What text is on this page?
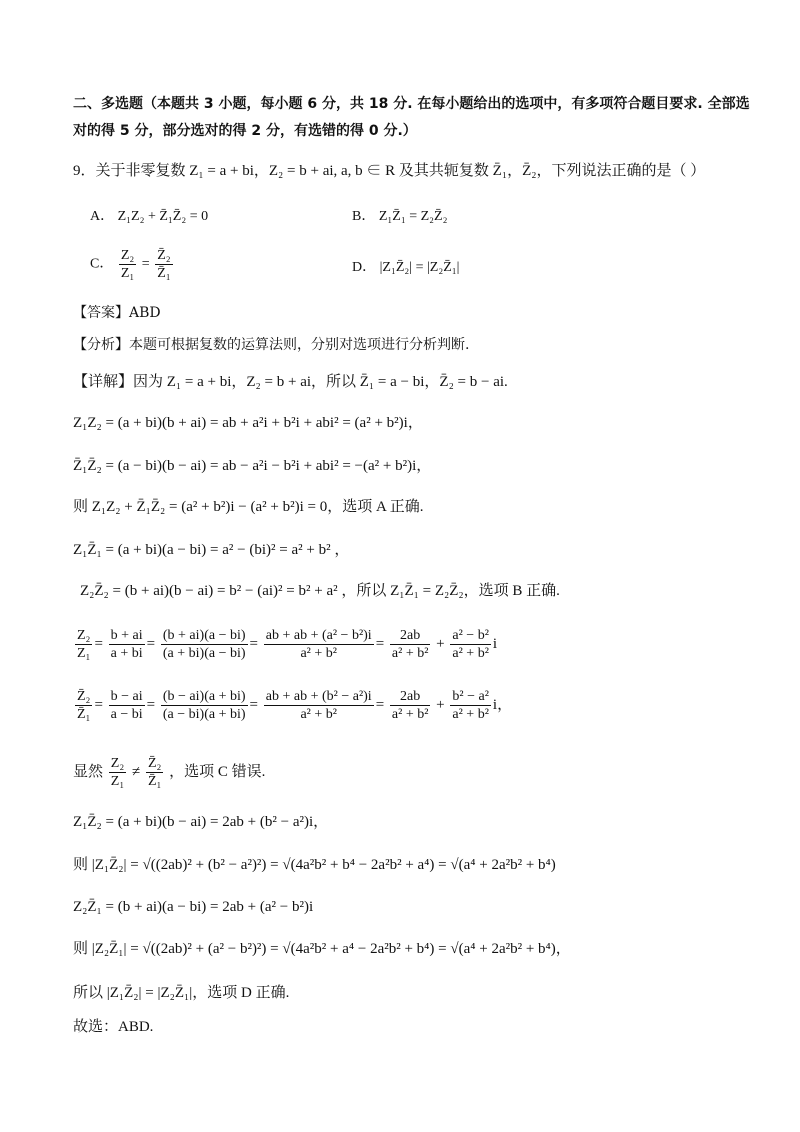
二、多选题（本题共 3 小题，每小题 6 分，共 18 分. 在每小题给出的选项中，有多项符合题目要求. 全部选
对的得 5 分，部分选对的得 2 分，有选错的得 0 分.）
9．关于非零复数 Z₁ = a + bi，Z₂ = b + ai, a, b ∈ R 及其共轭复数 Z̄₁，Z̄₂，下列说法正确的是（ ）
A． Z₁Z₂ + Z̄₁Z̄₂ = 0	B． Z₁Z̄₁ = Z₂Z̄₂
C． $\frac{\text{Z₂}}{\text{Z₁}} = \frac{\text{Z̄₂}}{\text{Z̄₁}}$	D． |Z₁Z̄₂| = |Z₂Z̄₁|
【答案】ABD
【分析】本题可根据复数的运算法则，分别对选项进行分析判断.
【详解】因为 Z₁ = a + bi，Z₂ = b + ai，所以 Z̄₁ = a − bi，Z̄₂ = b − ai.
Z₁Z₂ = (a + bi)(b + ai) = ab + a²i + b²i + abi² = (a² + b²)i，
Z̄₁Z̄₂ = (a − bi)(b − ai) = ab − a²i − b²i + abi² = −(a² + b²)i，
则 Z₁Z₂ + Z̄₁Z̄₂ = (a² + b²)i − (a² + b²)i = 0，选项 A 正确.
Z₁Z̄₁ = (a + bi)(a − bi) = a² − (bi)² = a² + b² ，
Z₂Z̄₂ = (b + ai)(b − ai) = b² − (ai)² = b² + a² ，所以 Z₁Z̄₁ = Z₂Z̄₂，选项 B 正确.
$\frac{\text{Z₂}}{\text{Z₁}} = \frac{b + ai}{a + bi} = \frac{(b + ai)(a - bi)}{(a + bi)(a - bi)} = \frac{\text{ab + ab + (a² − b²)i}}{\text{a² + b²}} = \frac{2ab}{\text{a² + b²}} + \frac{\text{a² − b²}}{\text{a² + b²}}$ i
$\frac{\text{Z̄₂}}{\text{Z̄₁}} = \frac{b - ai}{a - bi} = \frac{(b - ai)(a + bi)}{(a - bi)(a + bi)} = \frac{\text{ab + ab + (b² − a²)i}}{\text{a² + b²}} = \frac{2ab}{\text{a² + b²}} + \frac{\text{b² − a²}}{\text{a² + b²}}$ i，
显然 $\frac{\text{Z₂}}{\text{Z₁}} \ne \frac{\text{Z̄₂}}{\text{Z̄₁}}$ ，选项 C 错误.
Z₁Z̄₂ = (a + bi)(b − ai) = 2ab + (b² − a²)i，
则 |Z₁Z̄₂| = √((2ab)² + (b² − a²)²) = √(4a²b² + b⁴ − 2a²b² + a⁴) = √(a⁴ + 2a²b² + b⁴)
Z₂Z̄₁ = (b + ai)(a − bi) = 2ab + (a² − b²)i
则 |Z₂Z̄₁| = √((2ab)² + (a² − b²)²) = √(4a²b² + a⁴ − 2a²b² + b⁴) = √(a⁴ + 2a²b² + b⁴)，
所以 |Z₁Z̄₂| = |Z₂Z̄₁|，选项 D 正确.
故选：ABD.
